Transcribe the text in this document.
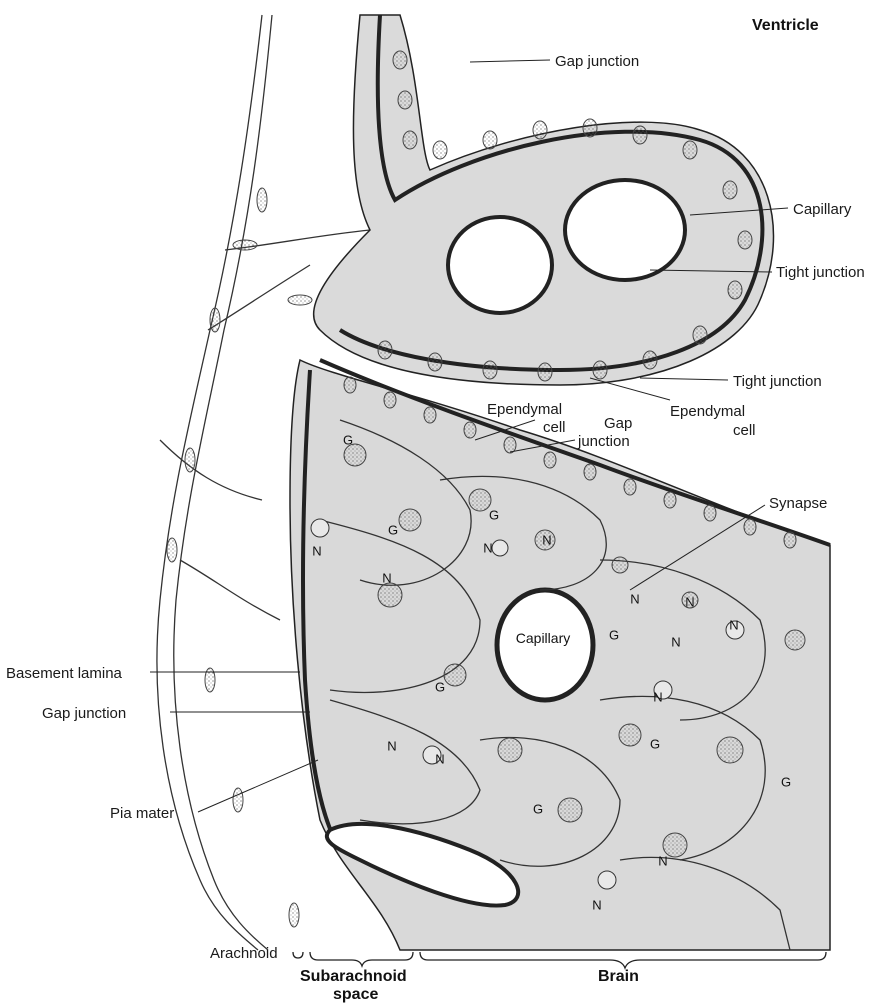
G
G
G
G
G
G
G
G
N
N
N
N
N	N
N
N
N
N
N
N
N
Capillary
Ventricle
Gap junction
Capillary
Tight junction
Tight junction
Ependymal
cell
Ependymal
cell	Gap
junction
Synapse
Basement lamina
Gap junction
Pia mater
Arachnoid
Subarachnoid
space
Brain
